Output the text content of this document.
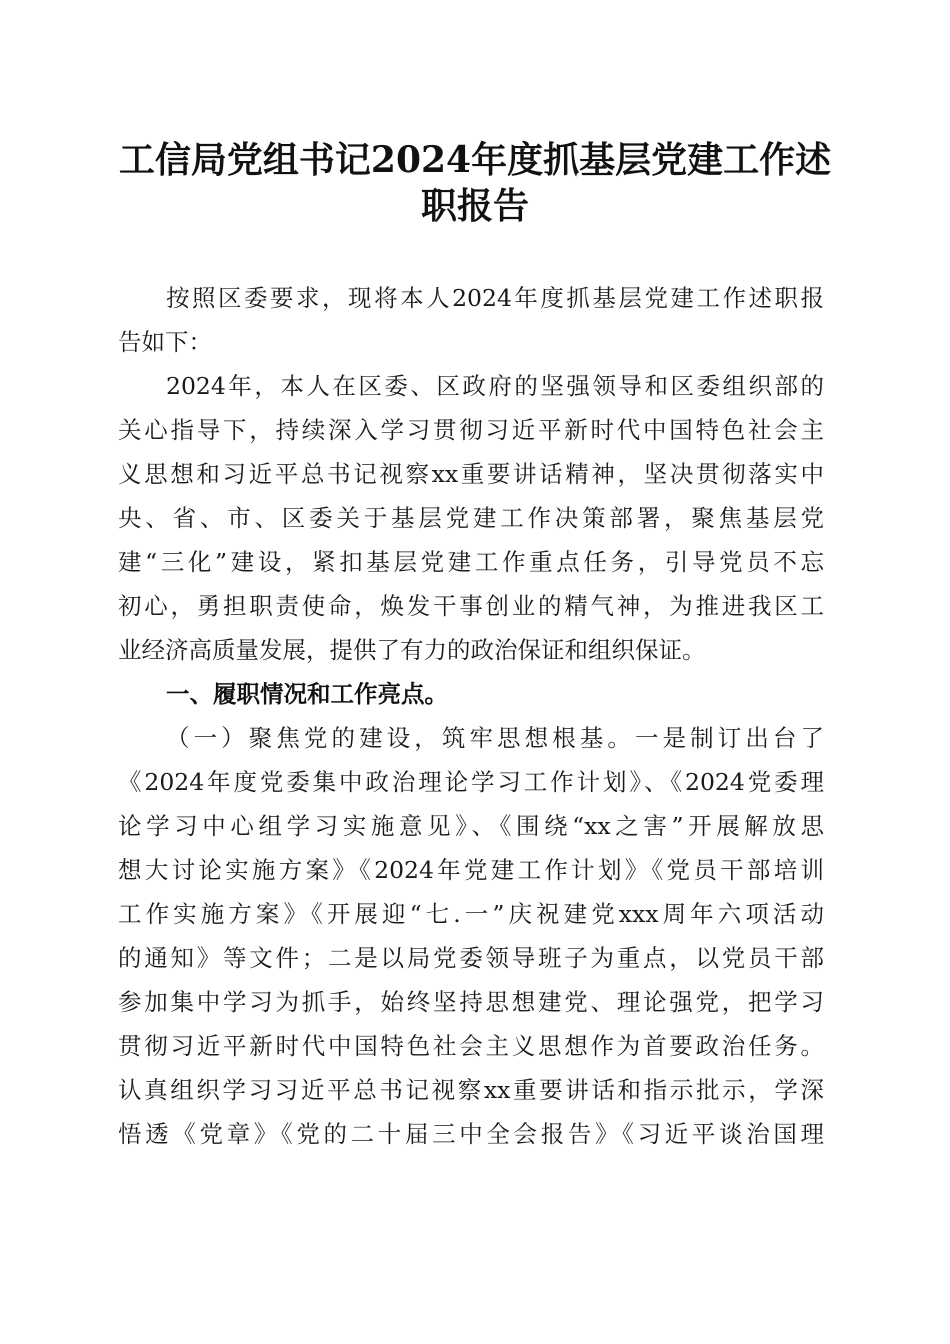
工信局党组书记2024年度抓基层党建工作述
职报告
按照区委要求，现将本人2024年度抓基层党建工作述职报
告如下：
2024年，本人在区委、区政府的坚强领导和区委组织部的
关心指导下，持续深入学习贯彻习近平新时代中国特色社会主
义思想和习近平总书记视察xx重要讲话精神，坚决贯彻落实中
央、省、市、区委关于基层党建工作决策部署，聚焦基层党
建“三化”建设，紧扣基层党建工作重点任务，引导党员不忘
初心，勇担职责使命，焕发干事创业的精气神，为推进我区工
业经济高质量发展，提供了有力的政治保证和组织保证。
一、履职情况和工作亮点。
（一）聚焦党的建设，筑牢思想根基。一是制订出台了
《2024年度党委集中政治理论学习工作计划》、《2024党委理
论学习中心组学习实施意见》、《围绕“xx之害”开展解放思
想大讨论实施方案》《2024年党建工作计划》《党员干部培训
工作实施方案》《开展迎“七.一”庆祝建党xxx周年六项活动
的通知》等文件；二是以局党委领导班子为重点，以党员干部
参加集中学习为抓手，始终坚持思想建党、理论强党，把学习
贯彻习近平新时代中国特色社会主义思想作为首要政治任务。
认真组织学习习近平总书记视察xx重要讲话和指示批示，学深
悟透《党章》《党的二十届三中全会报告》《习近平谈治国理
